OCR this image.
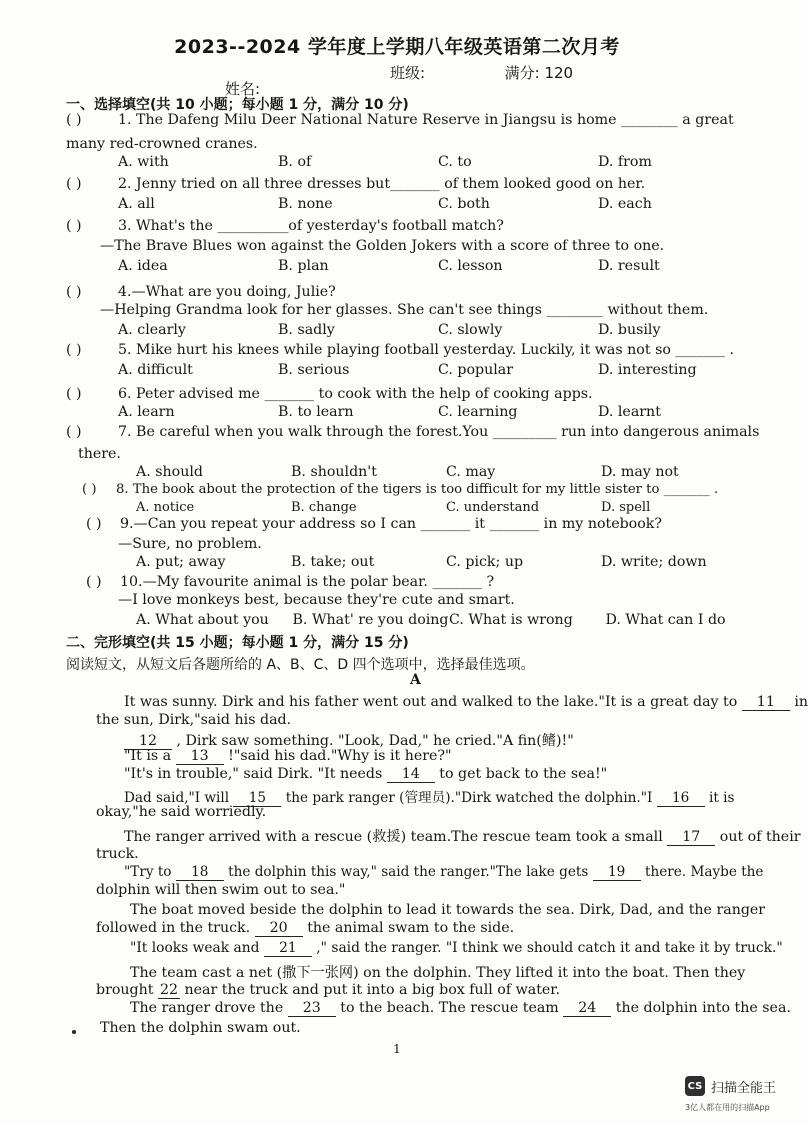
2023--2024 学年度上学期八年级英语第二次月考
班级:	满分: 120
姓名:
一、选择填空(共 10 小题；每小题 1 分，满分 10 分)
( )	1. The Dafeng Milu Deer National Nature Reserve in Jiangsu is home ________ a great
many red-crowned cranes.
A. with	B. of	C. to	D. from
( )	2. Jenny tried on all three dresses but_______ of them looked good on her.
A. all	B. none	C. both	D. each
( )	3. What's the __________of yesterday's football match?
—The Brave Blues won against the Golden Jokers with a score of three to one.
A. idea	B. plan	C. lesson	D. result
( )	4.—What are you doing, Julie?
—Helping Grandma look for her glasses. She can't see things ________ without them.
A. clearly	B. sadly	C. slowly	D. busily
( )	5. Mike hurt his knees while playing football yesterday. Luckily, it was not so _______ .
A. difficult	B. serious	C. popular	D. interesting
( )	6. Peter advised me _______ to cook with the help of cooking apps.
A. learn	B. to learn	C. learning	D. learnt
( )	7. Be careful when you walk through the forest.You _________ run into dangerous animals
there.
A. should	B. shouldn't	C. may	D. may not
( )	8. The book about the protection of the tigers is too difficult for my little sister to _______ .
A. notice	B. change	C. understand	D. spell
( )	9.—Can you repeat your address so I can _______ it _______ in my notebook?
—Sure, no problem.
A. put; away	B. take; out	C. pick; up	D. write; down
( )	10.—My favourite animal is the polar bear. _______ ?
—I love monkeys best, because they're cute and smart.
A. What about you	B. What' re you doing C. What is wrong	D. What can I do
二、完形填空(共 15 小题；每小题 1 分，满分 15 分)
阅读短文，从短文后各题所给的 A、B、C、D 四个选项中，选择最佳选项。
A
It was sunny. Dirk and his father went out and walked to the lake."It is a great day to 11 in
the sun, Dirk,"said his dad.
12 , Dirk saw something. "Look, Dad," he cried."A fin(鳍)!"
"It is a 13 !"said his dad."Why is it here?"
"It's in trouble," said Dirk. "It needs 14 to get back to the sea!"
Dad said,"I will 15 the park ranger (管理员)."Dirk watched the dolphin."I 16 it is
okay,"he said worriedly.
The ranger arrived with a rescue (救援) team.The rescue team took a small 17 out of their
truck.
"Try to 18 the dolphin this way," said the ranger."The lake gets 19 there. Maybe the
dolphin will then swim out to sea."
The boat moved beside the dolphin to lead it towards the sea. Dirk, Dad, and the ranger
followed in the truck. 20 the animal swam to the side.
"It looks weak and 21 ," said the ranger. "I think we should catch it and take it by truck."
The team cast a net (撒下一张网) on the dolphin. They lifted it into the boat. Then they
brought 22 near the truck and put it into a big box full of water.
The ranger drove the 23 to the beach. The rescue team 24 the dolphin into the sea.
Then the dolphin swam out.
1
CS 扫描全能王
3亿人都在用的扫描App
